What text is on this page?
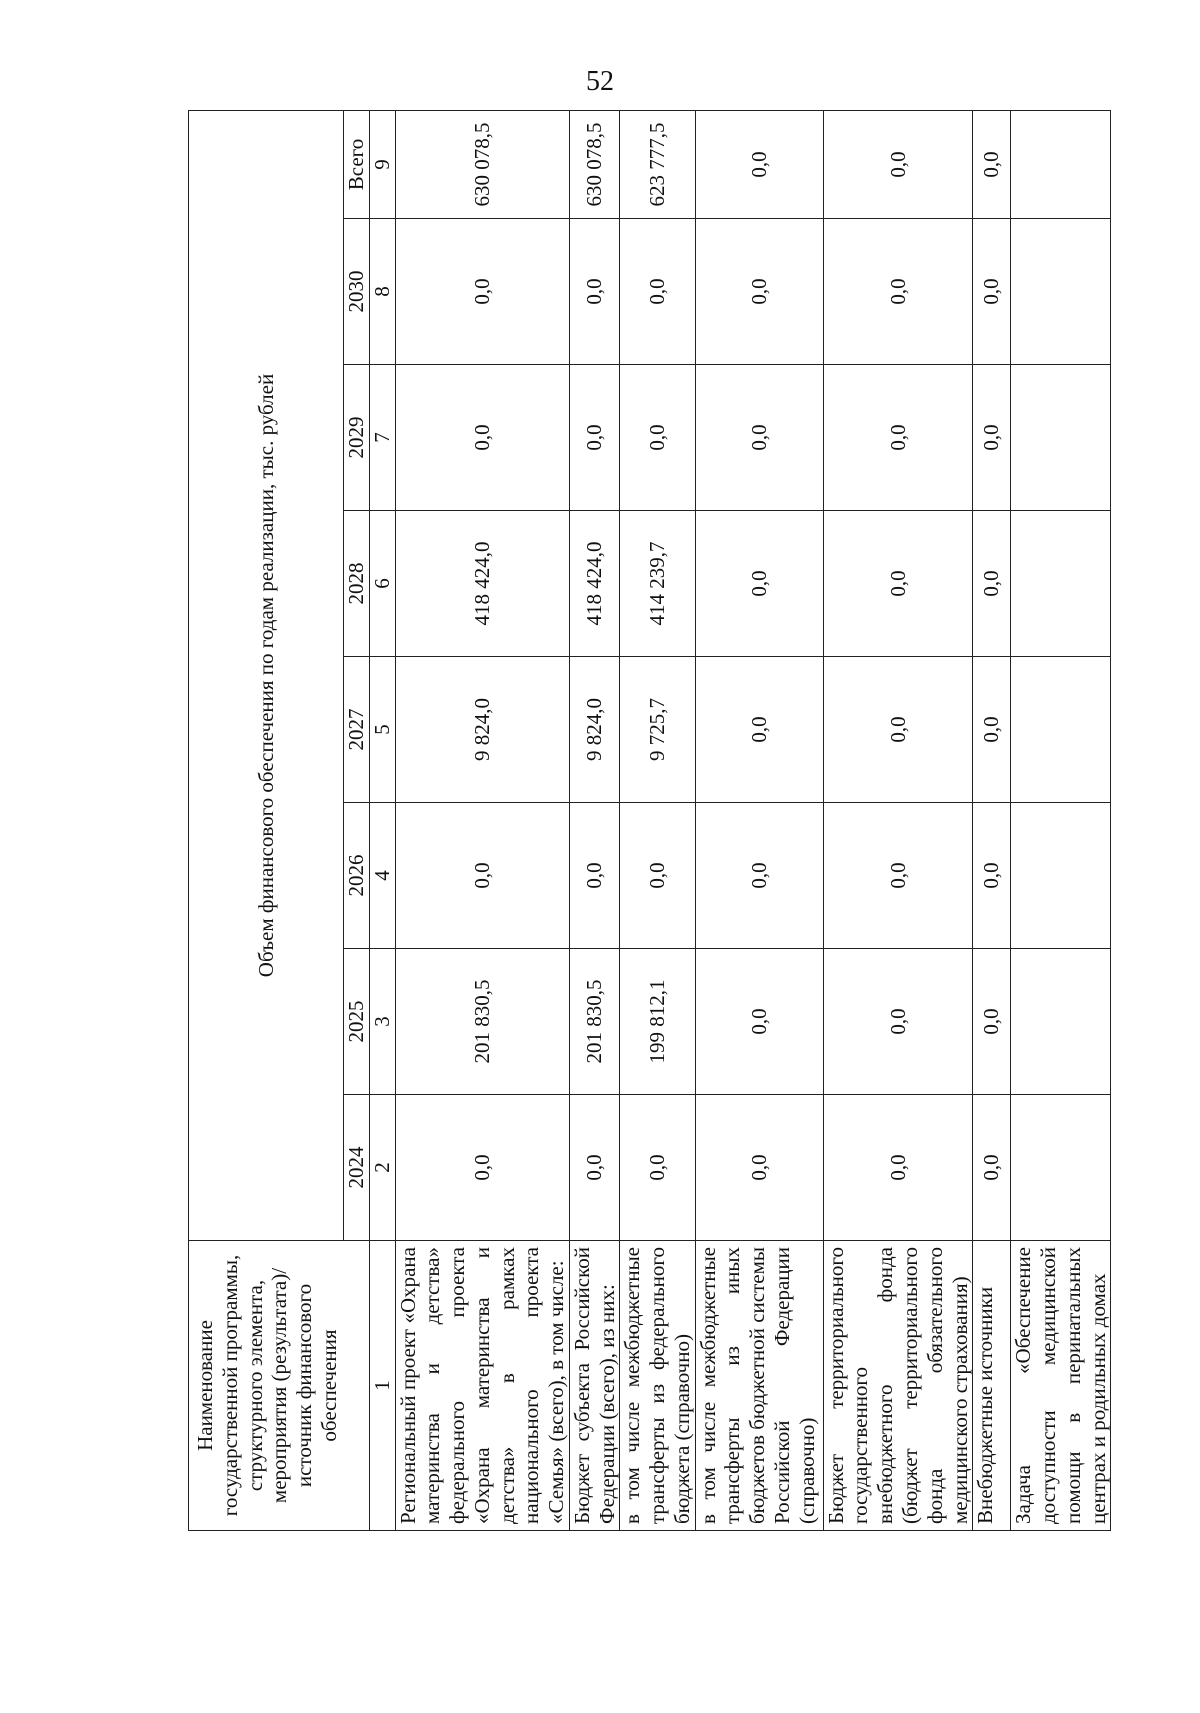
52
Наименование государственной программы, структурного элемента, мероприятия (результата)/источник финансового обеспечения	Объем финансового обеспечения по годам реализации, тыс. рублей							
	2024	2025	2026	2027	2028	2029	2030	Всего
1	2	3	4	5	6	7	8	9
Региональный проект «Охрана материнства и детства» федерального проекта «Охрана материнства и детства» в рамках национального проекта «Семья» (всего), в том числе:	0,0	201 830,5	0,0	9 824,0	418 424,0	0,0	0,0	630 078,5
Бюджет субъекта Российской Федерации (всего), из них:	0,0	201 830,5	0,0	9 824,0	418 424,0	0,0	0,0	630 078,5
в том числе межбюджетные трансферты из федерального бюджета (справочно)	0,0	199 812,1	0,0	9 725,7	414 239,7	0,0	0,0	623 777,5
в том числе межбюджетные трансферты из иных бюджетов бюджетной системы Российской Федерации (справочно)	0,0	0,0	0,0	0,0	0,0	0,0	0,0	0,0
Бюджет территориального государственного внебюджетного фонда (бюджет территориального фонда обязательного медицинского страхования)	0,0	0,0	0,0	0,0	0,0	0,0	0,0	0,0
Внебюджетные источники	0,0	0,0	0,0	0,0	0,0	0,0	0,0	0,0
Задача «Обеспечение доступности медицинской помощи в перинатальных центрах и родильных домах								
